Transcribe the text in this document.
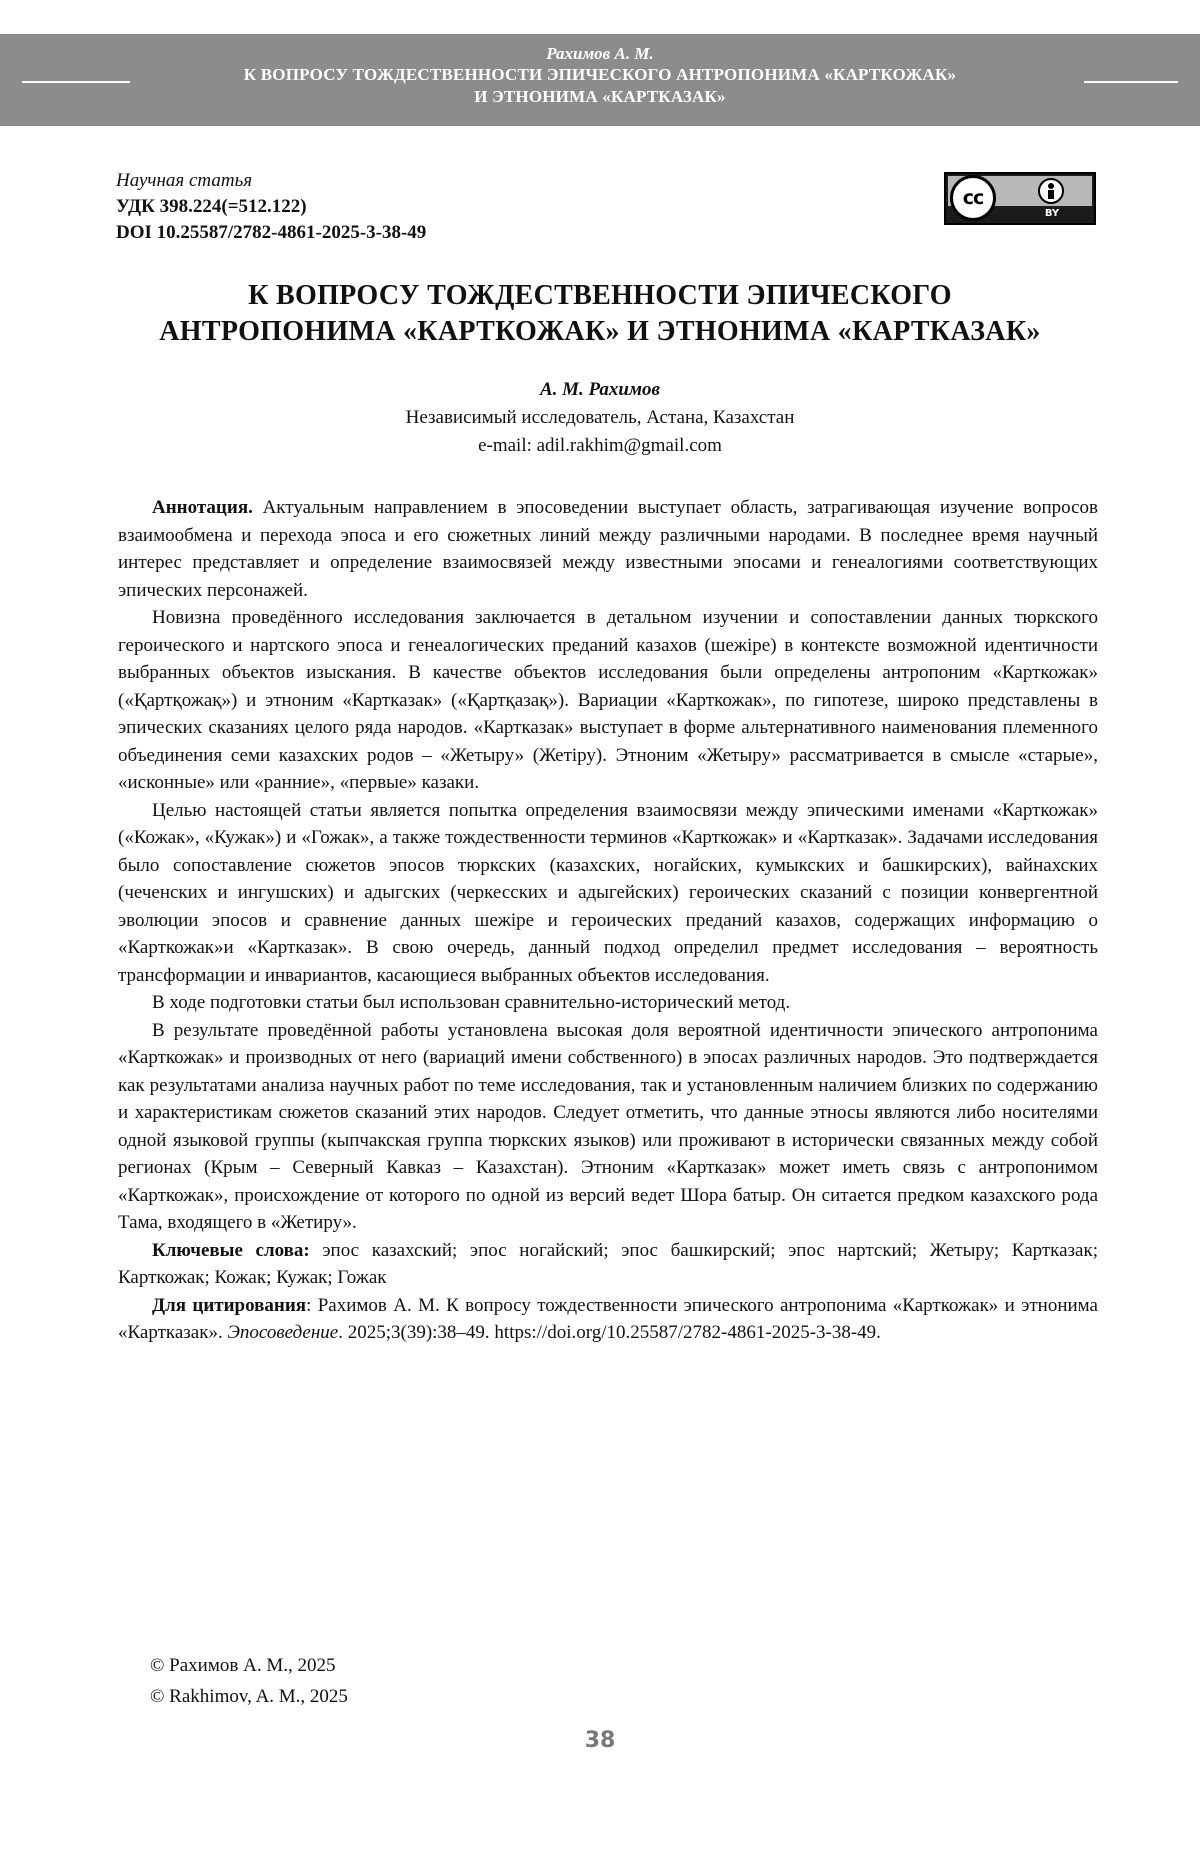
Рахимов А. М.
К ВОПРОСУ ТОЖДЕСТВЕННОСТИ ЭПИЧЕСКОГО АНТРОПОНИМА «КАРТКОЖАК»
И ЭТНОНИМА «КАРТКАЗАК»
Научная статья
УДК 398.224(=512.122)
DOI 10.25587/2782-4861-2025-3-38-49
cc
BY
К ВОПРОСУ ТОЖДЕСТВЕННОСТИ ЭПИЧЕСКОГО
АНТРОПОНИМА «КАРТКОЖАК» И ЭТНОНИМА «КАРТКАЗАК»
А. М. Рахимов
Независимый исследователь, Астана, Казахстан
e-mail: adil.rakhim@gmail.com

Аннотация. Актуальным направлением в эпосоведении выступает область, затрагивающая изучение вопросов взаимообмена и перехода эпоса и его сюжетных линий между различными народами. В последнее время научный интерес представляет и определение взаимосвязей между известными эпосами и генеалогиями соответствующих эпических персонажей.

Новизна проведённого исследования заключается в детальном изучении и сопоставлении данных тюркского героического и нартского эпоса и генеалогических преданий казахов (шежіре) в контексте возможной идентичности выбранных объектов изыскания. В качестве объектов исследования были определены антропоним «Карткожак» («Қартқожақ») и этноним «Картказак» («Қартқазақ»). Вариации «Карткожак», по гипотезе, широко представлены в эпических сказаниях целого ряда народов. «Картказак» выступает в форме альтернативного наименования племенного объединения семи казахских родов – «Жетыру» (Жетіру). Этноним «Жетыру» рассматривается в смысле «старые», «исконные» или «ранние», «первые» казаки.

Целью настоящей статьи является попытка определения взаимосвязи между эпическими именами «Карткожак» («Кожак», «Кужак») и «Гожак», а также тождественности терминов «Карткожак» и «Картказак». Задачами исследования было сопоставление сюжетов эпосов тюркских (казахских, ногайских, кумыкских и башкирских), вайнахских (чеченских и ингушских) и адыгских (черкесских и адыгейских) героических сказаний с позиции конвергентной эволюции эпосов и сравнение данных шежіре и героических преданий казахов, содержащих информацию о «Карткожак»и «Картказак». В свою очередь, данный подход определил предмет исследования – вероятность трансформации и инвариантов, касающиеся выбранных объектов исследования.

В ходе подготовки статьи был использован сравнительно-исторический метод.

В результате проведённой работы установлена высокая доля вероятной идентичности эпического антропонима «Карткожак» и производных от него (вариаций имени собственного) в эпосах различных народов. Это подтверждается как результатами анализа научных работ по теме исследования, так и установленным наличием близких по содержанию и характеристикам сюжетов сказаний этих народов. Следует отметить, что данные этносы являются либо носителями одной языковой группы (кыпчакская группа тюркских языков) или проживают в исторически связанных между собой регионах (Крым – Северный Кавказ – Казахстан). Этноним «Картказак» может иметь связь с антропонимом «Карткожак», происхождение от которого по одной из версий ведет Шора батыр. Он ситается предком казахского рода Тама, входящего в «Жетиру».

Ключевые слова: эпос казахский; эпос ногайский; эпос башкирский; эпос нартский; Жетыру; Картказак; Карткожак; Кожак; Кужак; Гожак

Для цитирования: Рахимов А. М. К вопросу тождественности эпического антропонима «Карткожак» и этнонима «Картказак». Эпосоведение. 2025;3(39):38–49. https://doi.org/10.25587/2782-4861-2025-3-38-49.

© Рахимов А. М., 2025
© Rakhimov, A. M., 2025
38
